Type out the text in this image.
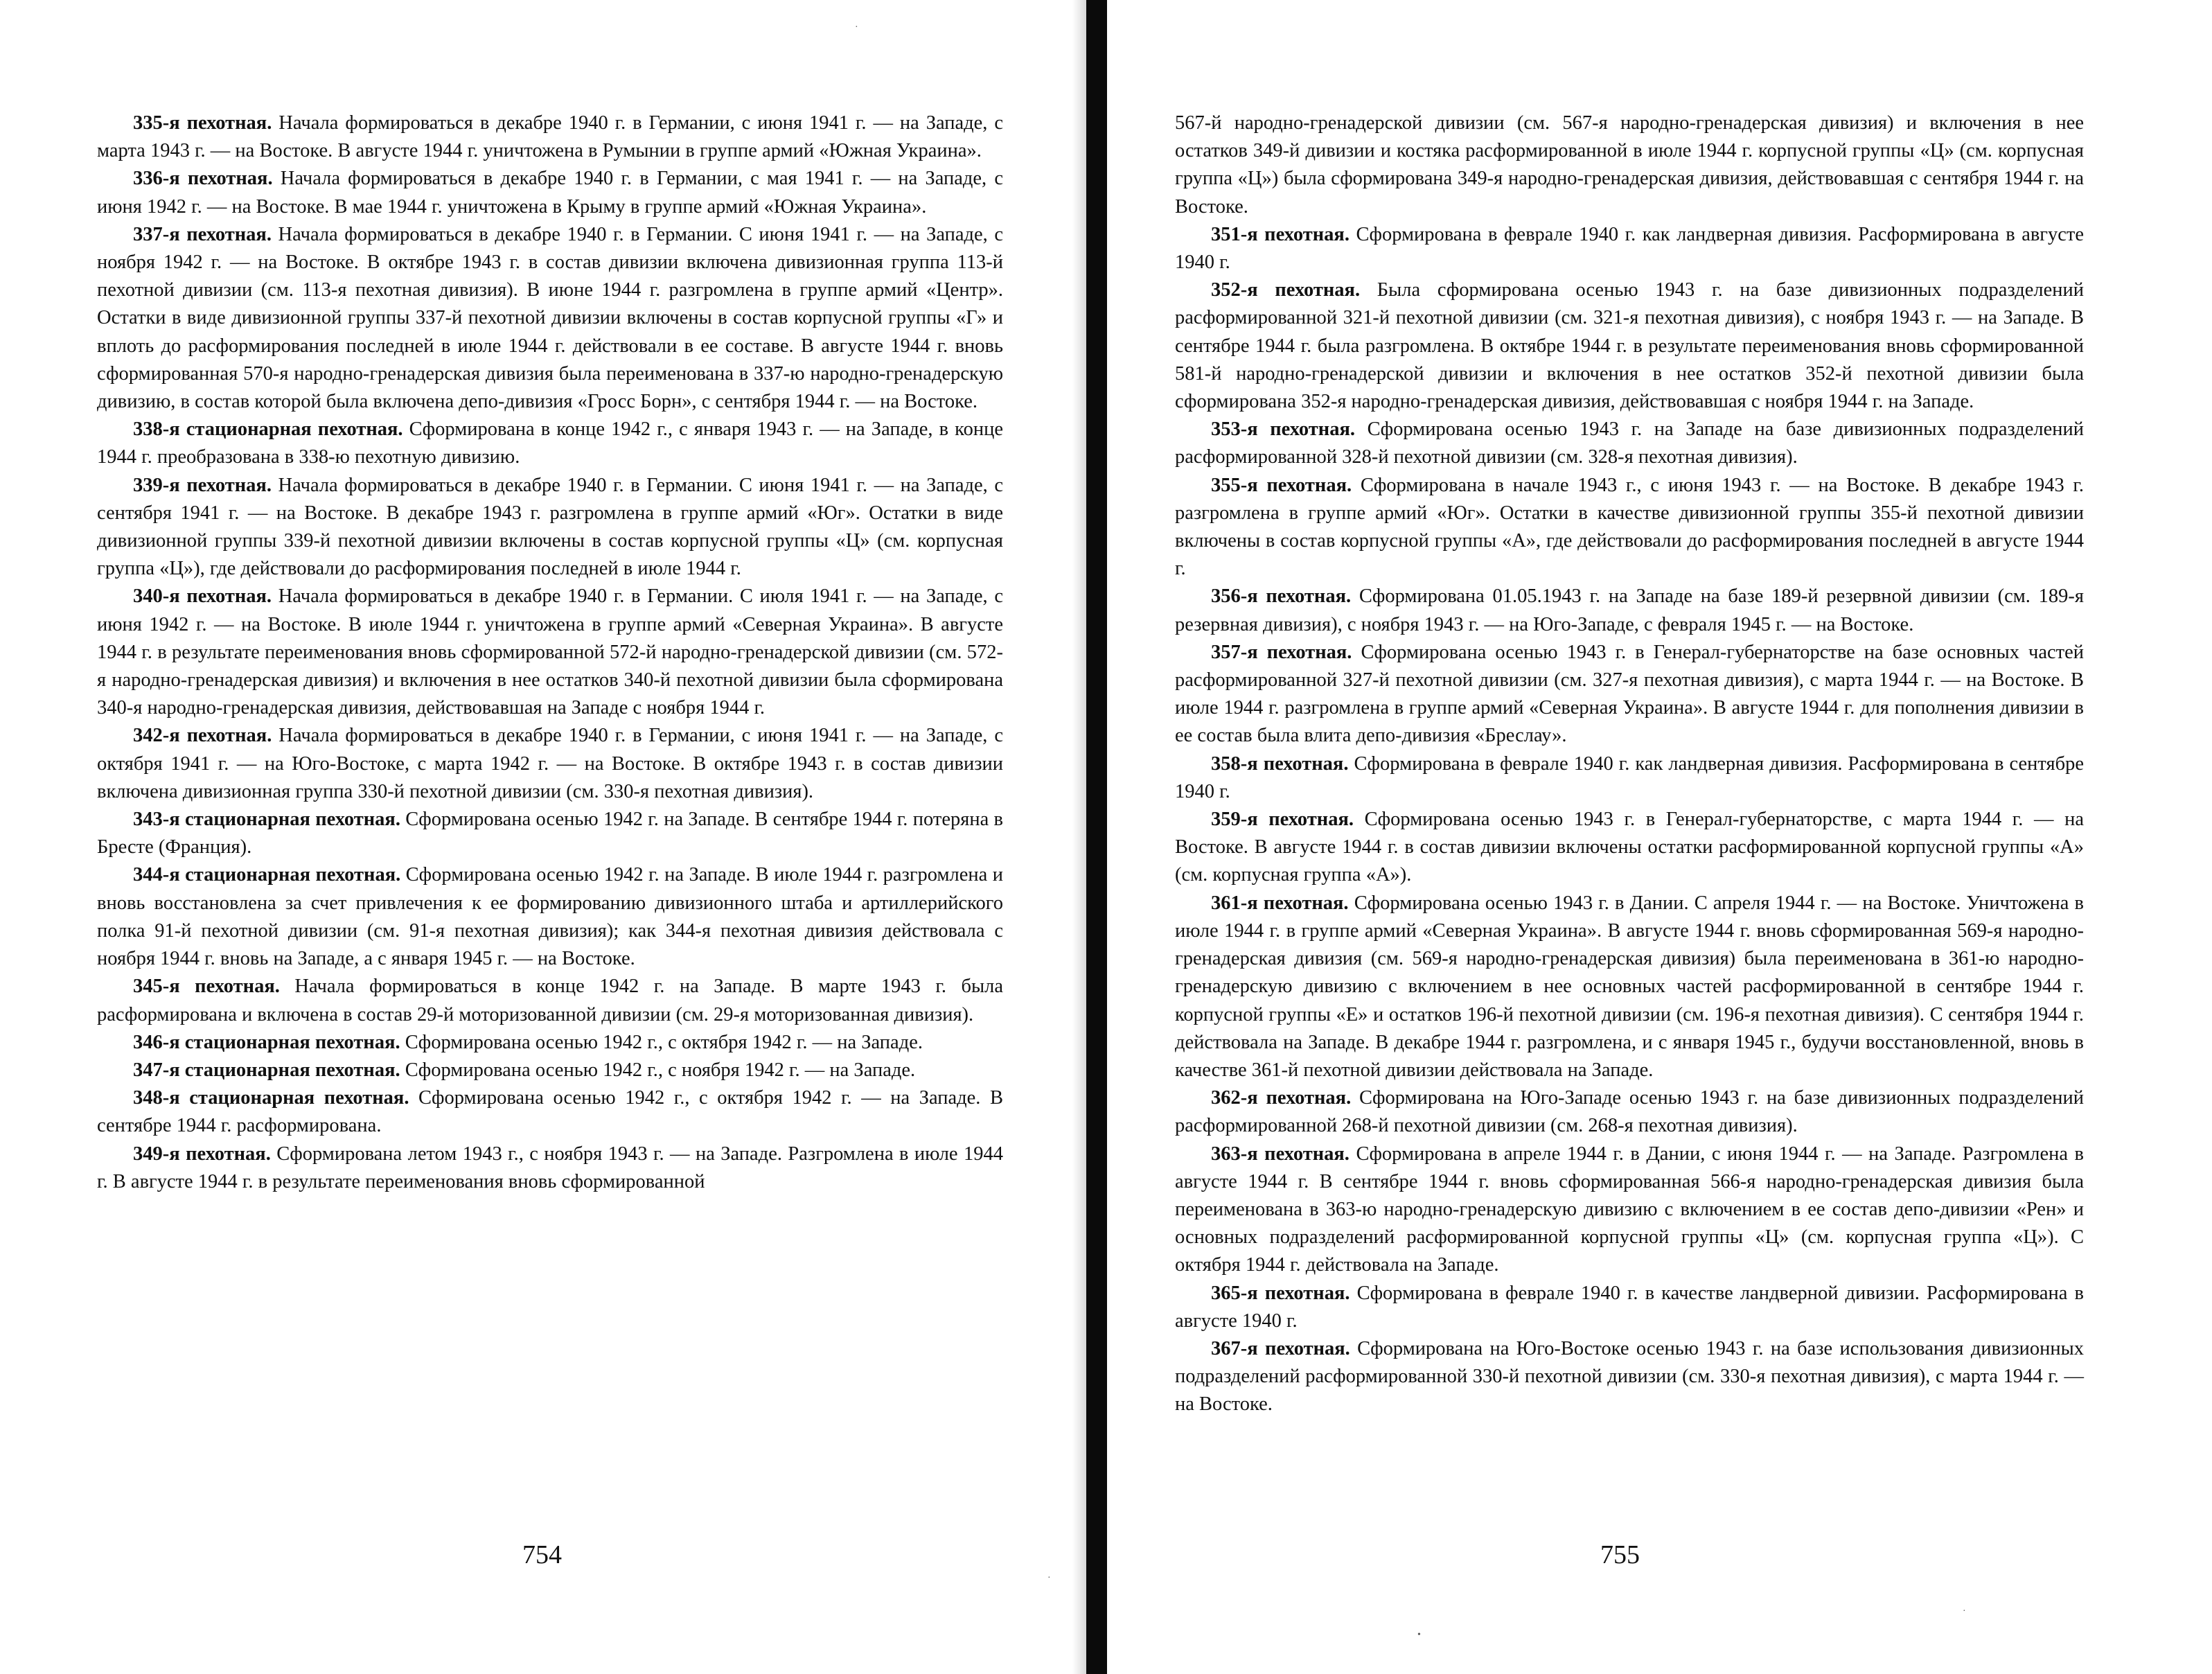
335-я пехотная. Начала формироваться в декабре 1940 г. в Германии, с июня 1941 г. — на Западе, с марта 1943 г. — на Востоке. В августе 1944 г. уничтожена в Румынии в группе армий «Южная Украина».

336-я пехотная. Начала формироваться в декабре 1940 г. в Германии, с мая 1941 г. — на Западе, с июня 1942 г. — на Востоке. В мае 1944 г. уничтожена в Крыму в группе армий «Южная Украина».

337-я пехотная. Начала формироваться в декабре 1940 г. в Германии. С июня 1941 г. — на Западе, с ноября 1942 г. — на Востоке. В октябре 1943 г. в состав дивизии включена дивизионная группа 113-й пехотной дивизии (см. 113-я пехотная дивизия). В июне 1944 г. разгромлена в группе армий «Центр». Остатки в виде дивизионной группы 337-й пехотной дивизии включены в состав корпусной группы «Г» и вплоть до расформирования последней в июле 1944 г. действовали в ее составе. В августе 1944 г. вновь сформированная 570-я народно-гренадерская дивизия была переименована в 337-ю народно-гренадерскую дивизию, в состав которой была включена депо-дивизия «Гросс Борн», с сентября 1944 г. — на Востоке.

338-я стационарная пехотная. Сформирована в конце 1942 г., с января 1943 г. — на Западе, в конце 1944 г. преобразована в 338-ю пехотную дивизию.

339-я пехотная. Начала формироваться в декабре 1940 г. в Германии. С июня 1941 г. — на Западе, с сентября 1941 г. — на Востоке. В декабре 1943 г. разгромлена в группе армий «Юг». Остатки в виде дивизионной группы 339-й пехотной дивизии включены в состав корпусной группы «Ц» (см. корпусная группа «Ц»), где действовали до расформирования последней в июле 1944 г.

340-я пехотная. Начала формироваться в декабре 1940 г. в Германии. С июля 1941 г. — на Западе, с июня 1942 г. — на Востоке. В июле 1944 г. уничтожена в группе армий «Северная Украина». В августе 1944 г. в результате переименования вновь сформированной 572-й народно-гренадерской дивизии (см. 572-я народно-гренадерская дивизия) и включения в нее остатков 340-й пехотной дивизии была сформирована 340-я народно-гренадерская дивизия, действовавшая на Западе с ноября 1944 г.

342-я пехотная. Начала формироваться в декабре 1940 г. в Германии, с июня 1941 г. — на Западе, с октября 1941 г. — на Юго-Востоке, с марта 1942 г. — на Востоке. В октябре 1943 г. в состав дивизии включена дивизионная группа 330-й пехотной дивизии (см. 330-я пехотная дивизия).

343-я стационарная пехотная. Сформирована осенью 1942 г. на Западе. В сентябре 1944 г. потеряна в Бресте (Франция).

344-я стационарная пехотная. Сформирована осенью 1942 г. на Западе. В июле 1944 г. разгромлена и вновь восстановлена за счет привлечения к ее формированию дивизионного штаба и артиллерийского полка 91-й пехотной дивизии (см. 91-я пехотная дивизия); как 344-я пехотная дивизия действовала с ноября 1944 г. вновь на Западе, а с января 1945 г. — на Востоке.

345-я пехотная. Начала формироваться в конце 1942 г. на Западе. В марте 1943 г. была расформирована и включена в состав 29-й моторизованной дивизии (см. 29-я моторизованная дивизия).

346-я стационарная пехотная. Сформирована осенью 1942 г., с октября 1942 г. — на Западе.

347-я стационарная пехотная. Сформирована осенью 1942 г., с ноября 1942 г. — на Западе.

348-я стационарная пехотная. Сформирована осенью 1942 г., с октября 1942 г. — на Западе. В сентябре 1944 г. расформирована.

349-я пехотная. Сформирована летом 1943 г., с ноября 1943 г. — на Западе. Разгромлена в июле 1944 г. В августе 1944 г. в результате переименования вновь сформированной

754

567-й народно-гренадерской дивизии (см. 567-я народно-гренадерская дивизия) и включения в нее остатков 349-й дивизии и костяка расформированной в июле 1944 г. корпусной группы «Ц» (см. корпусная группа «Ц») была сформирована 349-я народно-гренадерская дивизия, действовавшая с сентября 1944 г. на Востоке.

351-я пехотная. Сформирована в феврале 1940 г. как ландверная дивизия. Расформирована в августе 1940 г.

352-я пехотная. Была сформирована осенью 1943 г. на базе дивизионных подразделений расформированной 321-й пехотной дивизии (см. 321-я пехотная дивизия), с ноября 1943 г. — на Западе. В сентябре 1944 г. была разгромлена. В октябре 1944 г. в результате переименования вновь сформированной 581-й народно-гренадерской дивизии и включения в нее остатков 352-й пехотной дивизии была сформирована 352-я народно-гренадерская дивизия, действовавшая с ноября 1944 г. на Западе.

353-я пехотная. Сформирована осенью 1943 г. на Западе на базе дивизионных подразделений расформированной 328-й пехотной дивизии (см. 328-я пехотная дивизия).

355-я пехотная. Сформирована в начале 1943 г., с июня 1943 г. — на Востоке. В декабре 1943 г. разгромлена в группе армий «Юг». Остатки в качестве дивизионной группы 355-й пехотной дивизии включены в состав корпусной группы «А», где действовали до расформирования последней в августе 1944 г.

356-я пехотная. Сформирована 01.05.1943 г. на Западе на базе 189-й резервной дивизии (см. 189-я резервная дивизия), с ноября 1943 г. — на Юго-Западе, с февраля 1945 г. — на Востоке.

357-я пехотная. Сформирована осенью 1943 г. в Генерал-губернаторстве на базе основных частей расформированной 327-й пехотной дивизии (см. 327-я пехотная дивизия), с марта 1944 г. — на Востоке. В июле 1944 г. разгромлена в группе армий «Северная Украина». В августе 1944 г. для пополнения дивизии в ее состав была влита депо-дивизия «Бреслау».

358-я пехотная. Сформирована в феврале 1940 г. как ландверная дивизия. Расформирована в сентябре 1940 г.

359-я пехотная. Сформирована осенью 1943 г. в Генерал-губернаторстве, с марта 1944 г. — на Востоке. В августе 1944 г. в состав дивизии включены остатки расформированной корпусной группы «А» (см. корпусная группа «А»).

361-я пехотная. Сформирована осенью 1943 г. в Дании. С апреля 1944 г. — на Востоке. Уничтожена в июле 1944 г. в группе армий «Северная Украина». В августе 1944 г. вновь сформированная 569-я народно-гренадерская дивизия (см. 569-я народно-гренадерская дивизия) была переименована в 361-ю народно-гренадерскую дивизию с включением в нее основных частей расформированной в сентябре 1944 г. корпусной группы «Е» и остатков 196-й пехотной дивизии (см. 196-я пехотная дивизия). С сентября 1944 г. действовала на Западе. В декабре 1944 г. разгромлена, и с января 1945 г., будучи восстановленной, вновь в качестве 361-й пехотной дивизии действовала на Западе.

362-я пехотная. Сформирована на Юго-Западе осенью 1943 г. на базе дивизионных подразделений расформированной 268-й пехотной дивизии (см. 268-я пехотная дивизия).

363-я пехотная. Сформирована в апреле 1944 г. в Дании, с июня 1944 г. — на Западе. Разгромлена в августе 1944 г. В сентябре 1944 г. вновь сформированная 566-я народно-гренадерская дивизия была переименована в 363-ю народно-гренадерскую дивизию с включением в ее состав депо-дивизии «Рен» и основных подразделений расформированной корпусной группы «Ц» (см. корпусная группа «Ц»). С октября 1944 г. действовала на Западе.

365-я пехотная. Сформирована в феврале 1940 г. в качестве ландверной дивизии. Расформирована в августе 1940 г.

367-я пехотная. Сформирована на Юго-Востоке осенью 1943 г. на базе использования дивизионных подразделений расформированной 330-й пехотной дивизии (см. 330-я пехотная дивизия), с марта 1944 г. — на Востоке.

755
·
·
·
•
